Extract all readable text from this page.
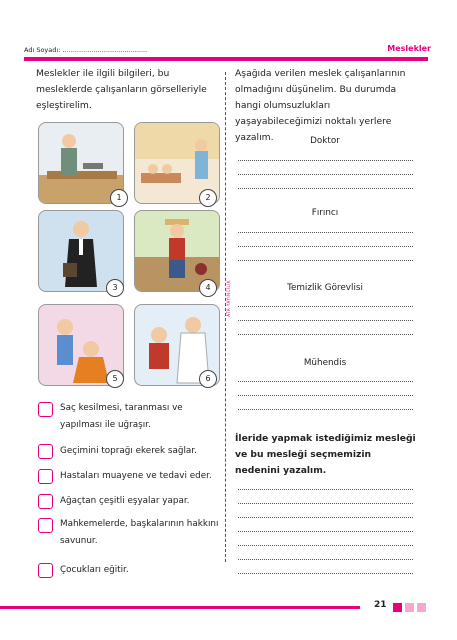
Adı Soyadı: .........................................	Meslekler
Meslekler ile ilgili bilgileri, bu mesleklerde çalışanların görselleriyle eşleştirelim.
1	2
3	4
5	6
Saç kesilmesi, taranması ve yapılması ile uğraşır.
Geçimini toprağı ekerek sağlar.
Hastaları muayene ve tedavi eder.
Ağaçtan çeşitli eşyalar yapar.
Mahkemelerde, başkalarının hakkını savunur.
Çocukları eğitir.
ATA YAYINCILIK
Aşağıda verilen meslek çalışanlarının olmadığını düşünelim. Bu durumda hangi olumsuzlukları yaşayabileceğimizi noktalı yerlere yazalım.	Doktor
Fırıncı
Temizlik Görevlisi
Mühendis
İleride yapmak istediğimiz mesleği ve bu mesleği seçmemizin nedenini yazalım.
21
